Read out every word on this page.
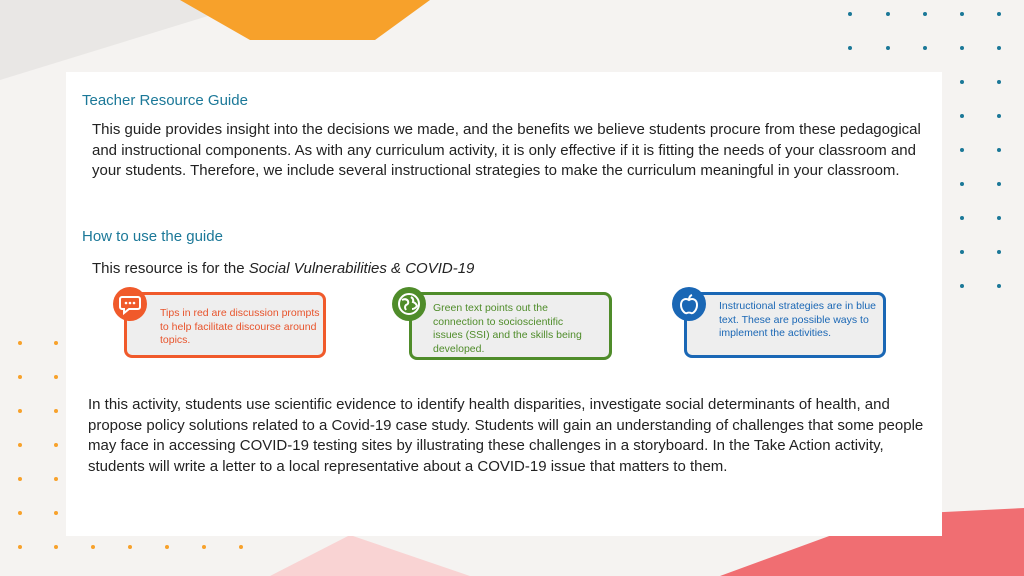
Teacher Resource Guide
This guide provides insight into the decisions we made, and the benefits we believe students procure from these pedagogical and instructional components. As with any curriculum activity, it is only effective if it is fitting the needs of your classroom and your students. Therefore, we include several instructional strategies to make the curriculum meaningful in your classroom.
How to use the guide
This resource is for the Social Vulnerabilities & COVID-19
Tips in red are discussion prompts to help facilitate discourse around topics.
Green text points out the connection to socioscientific issues (SSI) and the skills being developed.
Instructional strategies are in blue text. These are possible ways to implement the activities.
In this activity, students use scientific evidence to identify health disparities, investigate social determinants of health, and propose policy solutions related to a Covid-19 case study. Students will gain an understanding of challenges that some people may face in accessing COVID-19 testing sites by illustrating these challenges in a storyboard. In the Take Action activity, students will write a letter to a local representative about a COVID-19 issue that matters to them.
